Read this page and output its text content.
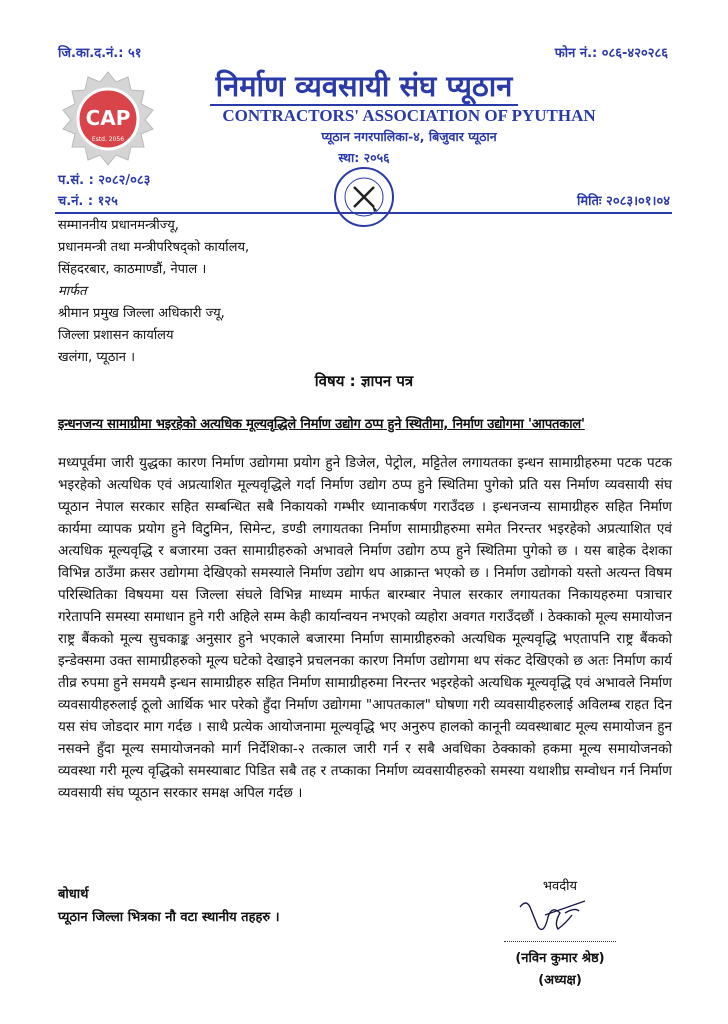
जि.का.द.नं.: ५१	फोन नं.: ०८६-४२०२८६
CAP
Estd. 2056
निर्माण व्यवसायी संघ प्यूठान
CONTRACTORS' ASSOCIATION OF PYUTHAN
प्यूठान नगरपालिका-४, बिजुवार प्यूठान
स्था: २०५६
प.सं. : २०८२/०८३
च.नं. : १२५	मितिः २०८३।०१।०४
सम्माननीय प्रधानमन्त्रीज्यू,
प्रधानमन्त्री तथा मन्त्रीपरिषद्को कार्यालय,
सिंहदरबार, काठमाण्डौं, नेपाल ।
मार्फत
श्रीमान प्रमुख जिल्ला अधिकारी ज्यू,
जिल्ला प्रशासन कार्यालय
खलंगा, प्यूठान ।
विषय : ज्ञापन पत्र
इन्धनजन्य सामाग्रीमा भइरहेको अत्यधिक मूल्यवृद्धिले निर्माण उद्योग ठप्प हुने स्थितीमा, निर्माण उद्योगमा 'आपतकाल'
मध्यपूर्वमा जारी युद्धका कारण निर्माण उद्योगमा प्रयोग हुने डिजेल, पेट्रोल, मट्टितेल लगायतका इन्धन सामाग्रीहरुमा पटक पटक भइरहेको अत्यधिक एवं अप्रत्याशित मूल्यवृद्धिले गर्दा निर्माण उद्योग ठप्प हुने स्थितिमा पुगेको प्रति यस निर्माण व्यवसायी संघ प्यूठान नेपाल सरकार सहित सम्बन्धित सबै निकायको गम्भीर ध्यानाकर्षण गराउँदछ । इन्धनजन्य सामाग्रीहरु सहित निर्माण कार्यमा व्यापक प्रयोग हुने विटुमिन, सिमेन्ट, डण्डी लगायतका निर्माण सामाग्रीहरुमा समेत निरन्तर भइरहेको अप्रत्याशित एवं अत्यधिक मूल्यवृद्धि र बजारमा उक्त सामाग्रीहरुको अभावले निर्माण उद्योग ठप्प हुने स्थितिमा पुगेको छ । यस बाहेक देशका विभिन्न ठाउँमा क्रसर उद्योगमा देखिएको समस्याले निर्माण उद्योग थप आक्रान्त भएको छ । निर्माण उद्योगको यस्तो अत्यन्त विषम परिस्थितिका विषयमा यस जिल्ला संघले विभिन्न माध्यम मार्फत बारम्बार नेपाल सरकार लगायतका निकायहरुमा पत्राचार गरेतापनि समस्या समाधान हुने गरी अहिले सम्म केही कार्यान्वयन नभएको व्यहोरा अवगत गराउँदछौं । ठेक्काको मूल्य समायोजन राष्ट्र बैंकको मूल्य सुचकाङ्क अनुसार हुने भएकाले बजारमा निर्माण सामाग्रीहरुको अत्यधिक मूल्यवृद्धि भएतापनि राष्ट्र बैंकको इन्डेक्समा उक्त सामाग्रीहरुको मूल्य घटेको देखाइने प्रचलनका कारण निर्माण उद्योगमा थप संकट देखिएको छ अतः निर्माण कार्य तीव्र रुपमा हुने समयमै इन्धन सामाग्रीहरु सहित निर्माण सामाग्रीहरुमा निरन्तर भइरहेको अत्यधिक मूल्यवृद्धि एवं अभावले निर्माण व्यवसायीहरुलाई ठूलो आर्थिक भार परेको हुँदा निर्माण उद्योगमा "आपतकाल" घोषणा गरी व्यवसायीहरुलाई अविलम्ब राहत दिन यस संघ जोडदार माग गर्दछ । साथै प्रत्येक आयोजनामा मूल्यवृद्धि भए अनुरुप हालको कानूनी व्यवस्थाबाट मूल्य समायोजन हुन नसक्ने हुँदा मूल्य समायोजनको मार्ग निर्देशिका-२ तत्काल जारी गर्न र सबै अवधिका ठेक्काको हकमा मूल्य समायोजनको व्यवस्था गरी मूल्य वृद्धिको समस्याबाट पिडित सबै तह र तप्काका निर्माण व्यवसायीहरुको समस्या यथाशीघ्र सम्वोधन गर्न निर्माण व्यवसायी संघ प्यूठान सरकार समक्ष अपिल गर्दछ ।
बोधार्थ
प्यूठान जिल्ला भित्रका नौ वटा स्थानीय तहहरु ।
भवदीय
(नविन कुमार श्रेष्ठ)
(अध्यक्ष)
